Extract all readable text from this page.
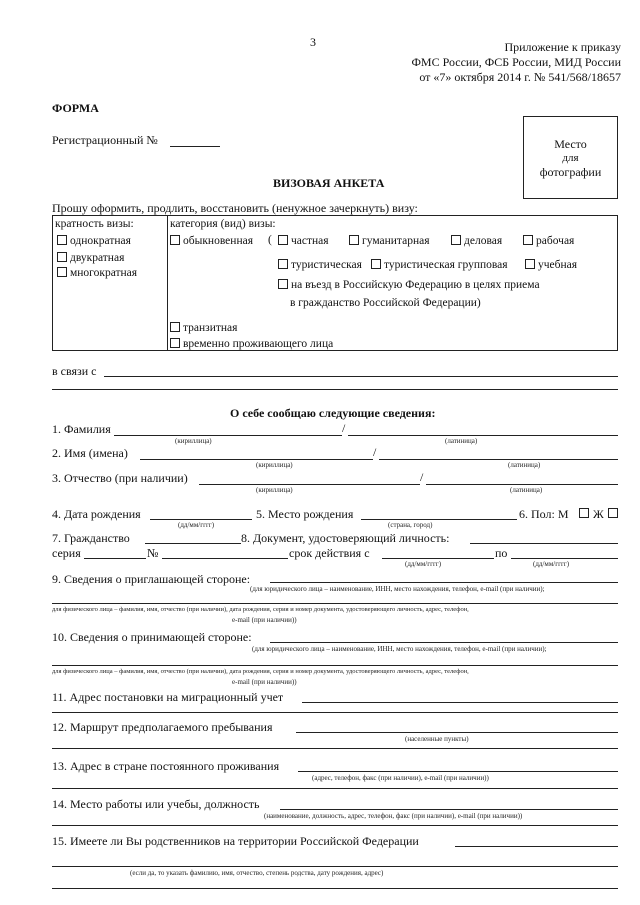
3	Приложение к приказу
ФМС России, ФСБ России, МИД России
от «7» октября 2014 г. № 541/568/18657
ФОРМА
Регистрационный №	Место
для
фотографии
ВИЗОВАЯ АНКЕТА
Прошу оформить, продлить, восстановить (ненужное зачеркнуть) визу:
кратность визы:
однократная
двукратная
многократная
категория (вид) визы:
обыкновенная (	частная	гуманитарная	деловая	рабочая
туристическая	туристическая групповая	учебная
на въезд в Российскую Федерацию в целях приема
в гражданство Российской Федерации)
транзитная
временно проживающего лица
в связи с
О себе сообщаю следующие сведения:
1. Фамилия	/
(кириллица)	(латиница)
2. Имя (имена)	/
(кириллица)	(латиница)
3. Отчество (при наличии)	/
(кириллица)	(латиница)
4. Дата рождения
(дд/мм/гггг)
5. Место рождения
(страна, город)
6. Пол: М Ж
7. Гражданство	8. Документ, удостоверяющий личность:
серия	№	срок действия с	по
(дд/мм/гггг)	(дд/мм/гггг)
9. Сведения о приглашающей стороне:
(для юридического лица – наименование, ИНН, место нахождения, телефон, e-mail (при наличии);
для физического лица – фамилия, имя, отчество (при наличии), дата рождения, серия и номер документа, удостоверяющего личность, адрес, телефон,
e-mail (при наличии))
10. Сведения о принимающей стороне:
(для юридического лица – наименование, ИНН, место нахождения, телефон, e-mail (при наличии);
для физического лица – фамилия, имя, отчество (при наличии), дата рождения, серия и номер документа, удостоверяющего личность, адрес, телефон,
e-mail (при наличии))
11. Адрес постановки на миграционный учет
12. Маршрут предполагаемого пребывания
(населенные пункты)
13. Адрес в стране постоянного проживания
(адрес, телефон, факс (при наличии), e-mail (при наличии))
14. Место работы или учебы, должность
(наименование, должность, адрес, телефон, факс (при наличии), e-mail (при наличии))
15. Имеете ли Вы родственников на территории Российской Федерации
(если да, то указать фамилию, имя, отчество, степень родства, дату рождения, адрес)
